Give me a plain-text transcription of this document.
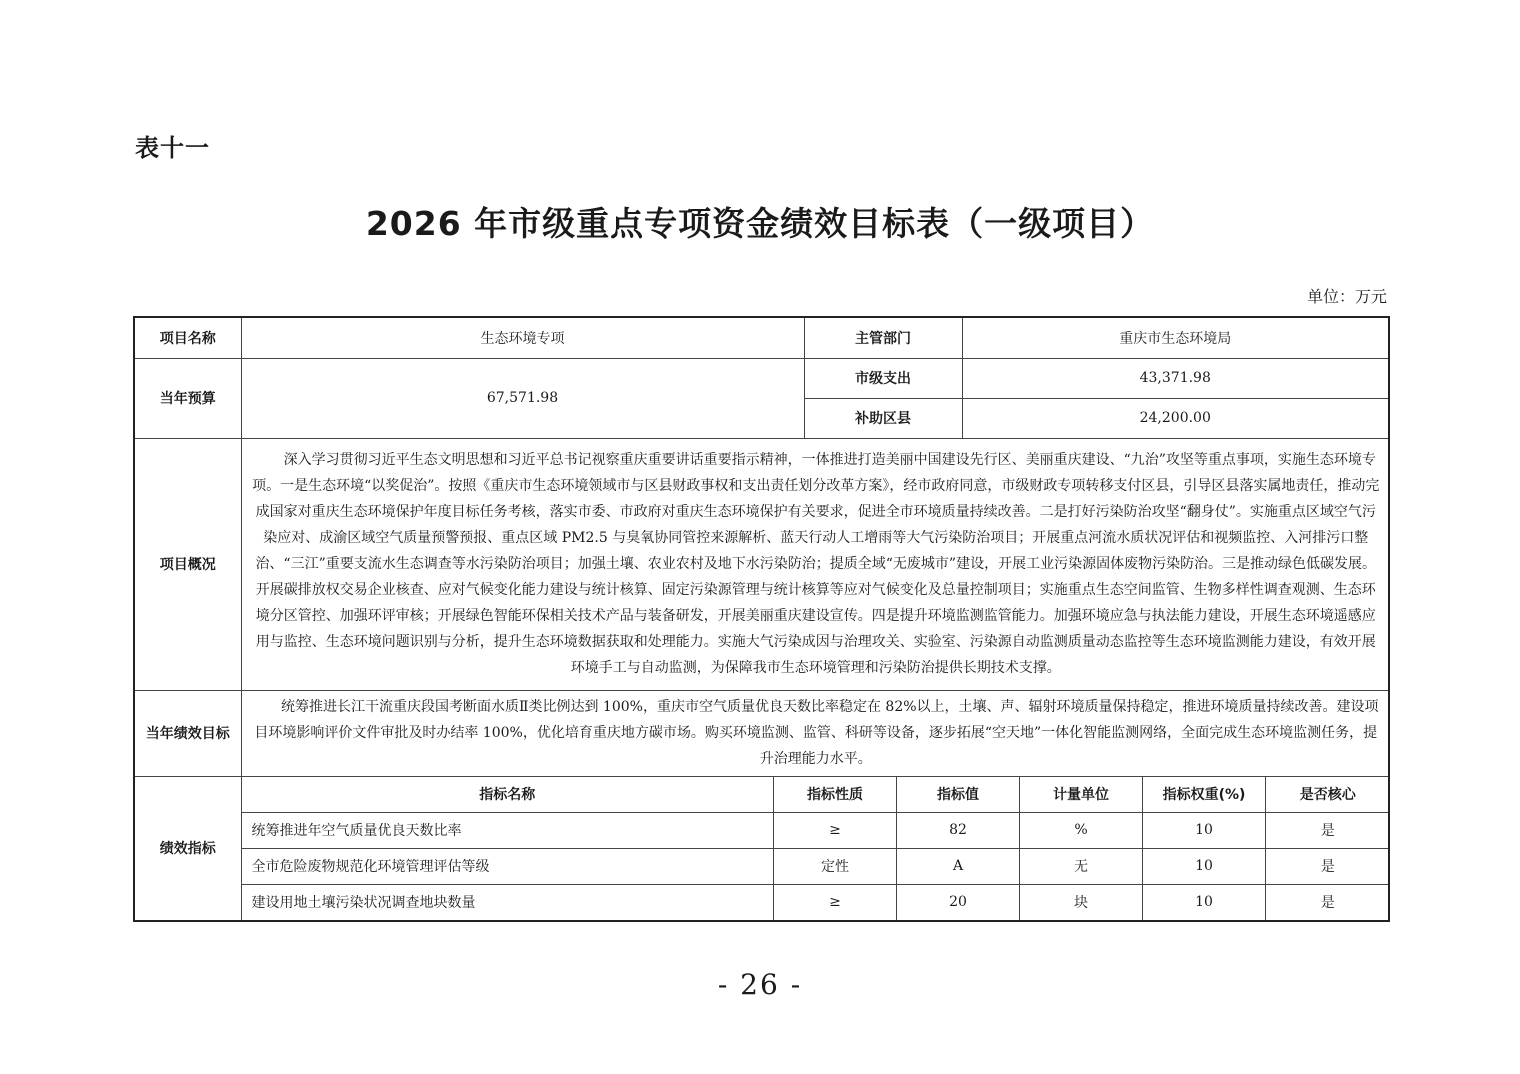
表十一
2026 年市级重点专项资金绩效目标表（一级项目）
单位：万元
项目名称	生态环境专项	主管部门	重庆市生态环境局
当年预算	67,571.98	市级支出	43,371.98
补助区县	24,200.00
项目概况	深入学习贯彻习近平生态文明思想和习近平总书记视察重庆重要讲话重要指示精神，一体推进打造美丽中国建设先行区、美丽重庆建设、“九治”攻坚等重点事项，实施生态环境专项。一是生态环境“以奖促治”。按照《重庆市生态环境领域市与区县财政事权和支出责任划分改革方案》，经市政府同意，市级财政专项转移支付区县，引导区县落实属地责任，推动完成国家对重庆生态环境保护年度目标任务考核，落实市委、市政府对重庆生态环境保护有关要求，促进全市环境质量持续改善。二是打好污染防治攻坚“翻身仗”。实施重点区域空气污染应对、成渝区域空气质量预警预报、重点区域 PM2.5 与臭氧协同管控来源解析、蓝天行动人工增雨等大气污染防治项目；开展重点河流水质状况评估和视频监控、入河排污口整治、“三江”重要支流水生态调查等水污染防治项目；加强土壤、农业农村及地下水污染防治；提质全域“无废城市”建设，开展工业污染源固体废物污染防治。三是推动绿色低碳发展。开展碳排放权交易企业核查、应对气候变化能力建设与统计核算、固定污染源管理与统计核算等应对气候变化及总量控制项目；实施重点生态空间监管、生物多样性调查观测、生态环境分区管控、加强环评审核；开展绿色智能环保相关技术产品与装备研发，开展美丽重庆建设宣传。四是提升环境监测监管能力。加强环境应急与执法能力建设，开展生态环境遥感应用与监控、生态环境问题识别与分析，提升生态环境数据获取和处理能力。实施大气污染成因与治理攻关、实验室、污染源自动监测质量动态监控等生态环境监测能力建设，有效开展环境手工与自动监测，为保障我市生态环境管理和污染防治提供长期技术支撑。
当年绩效目标	统筹推进长江干流重庆段国考断面水质Ⅱ类比例达到 100%，重庆市空气质量优良天数比率稳定在 82%以上，土壤、声、辐射环境质量保持稳定，推进环境质量持续改善。建设项目环境影响评价文件审批及时办结率 100%，优化培育重庆地方碳市场。购买环境监测、监管、科研等设备，逐步拓展“空天地”一体化智能监测网络，全面完成生态环境监测任务，提升治理能力水平。
绩效指标	
指标名称	指标性质	指标值	计量单位	指标权重(%)	是否核心
统筹推进年空气质量优良天数比率	≥	82	%	10	是
全市危险废物规范化环境管理评估等级	定性	A	无	10	是
建设用地土壤污染状况调查地块数量	≥	20	块	10	是
- 26 -
